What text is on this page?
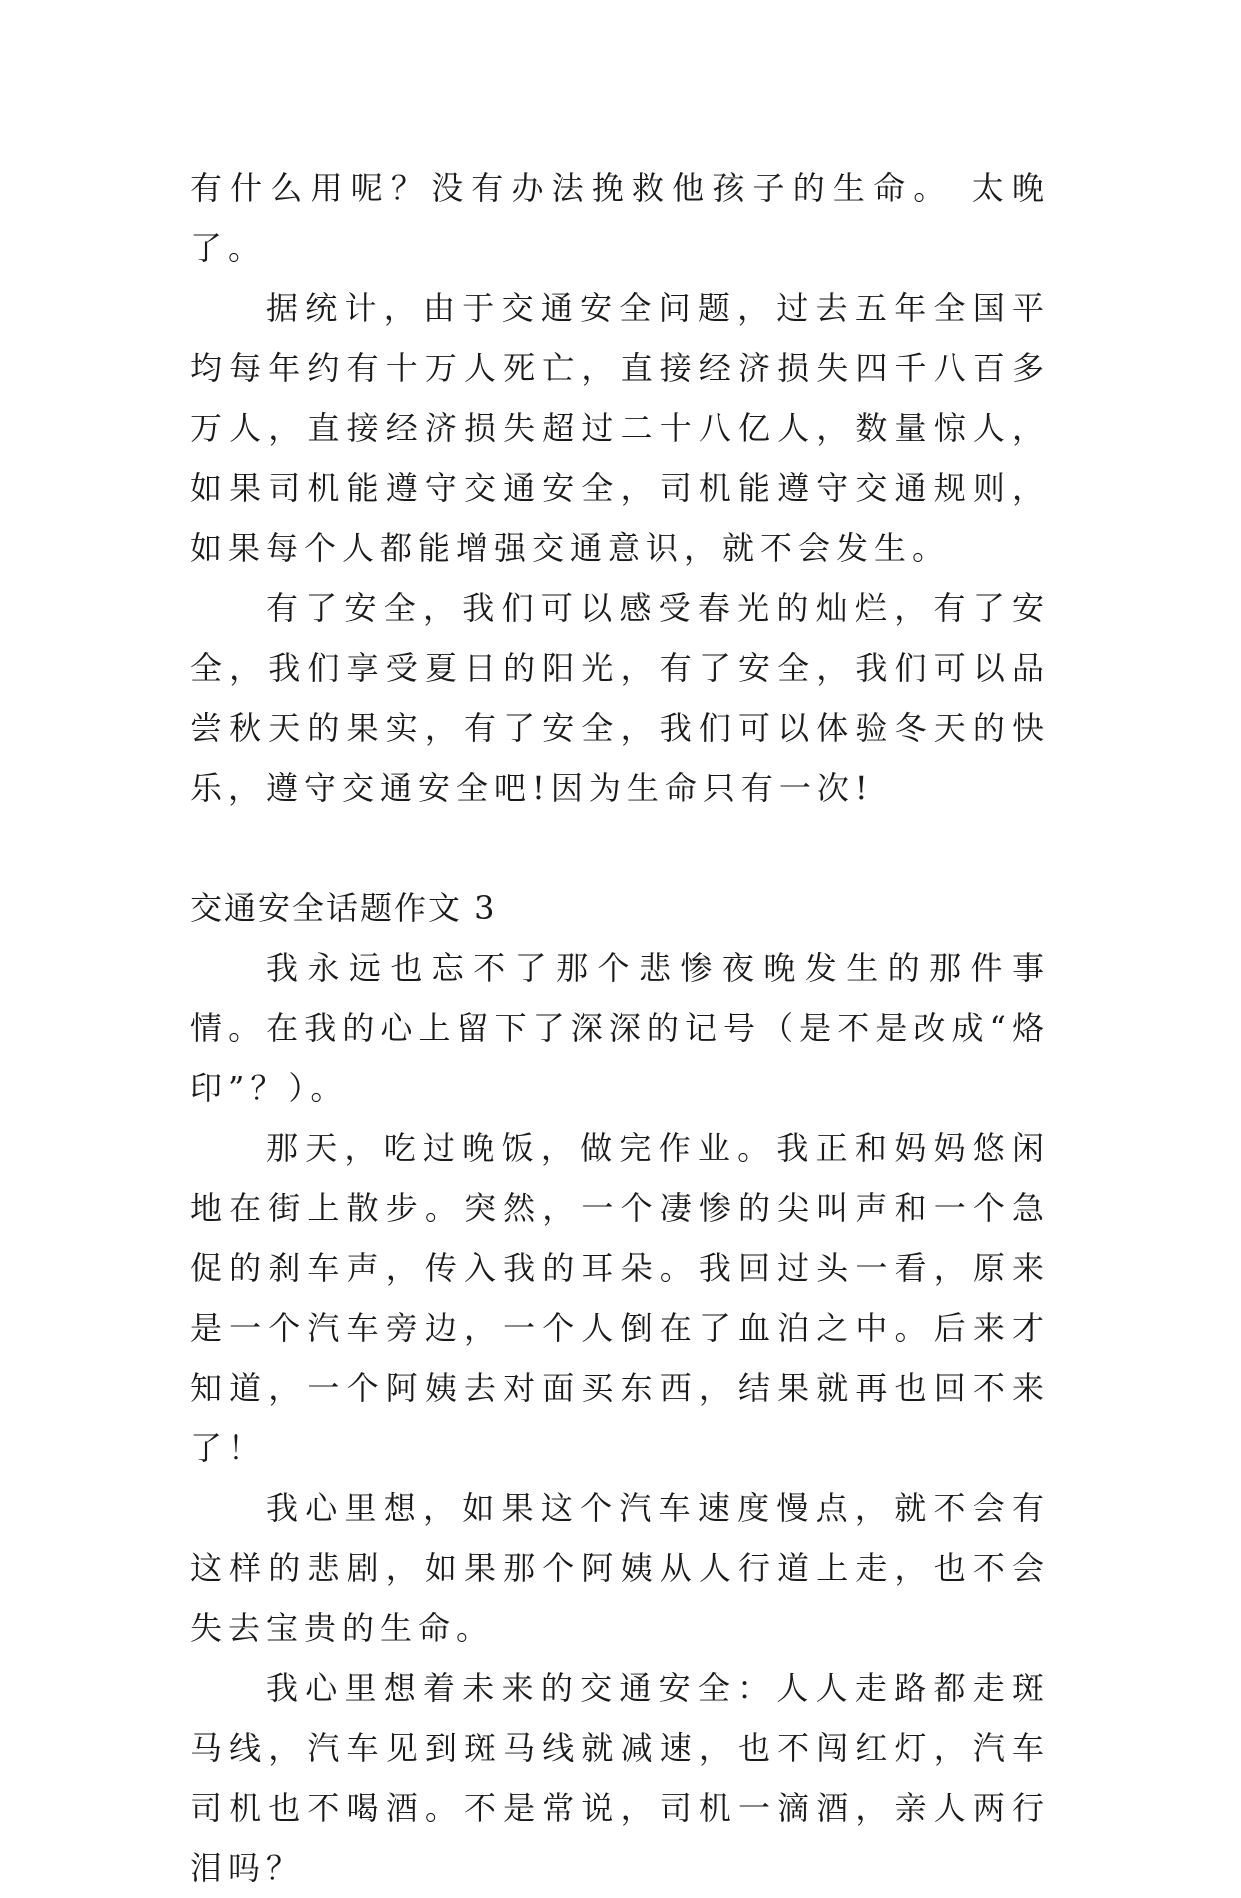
有什么用呢？没有办法挽救他孩子的生命。 太晚了。

据统计，由于交通安全问题，过去五年全国平均每年约有十万人死亡，直接经济损失四千八百多万人，直接经济损失超过二十八亿人，数量惊人，如果司机能遵守交通安全，司机能遵守交通规则，如果每个人都能增强交通意识，就不会发生。

有了安全，我们可以感受春光的灿烂，有了安全，我们享受夏日的阳光，有了安全，我们可以品尝秋天的果实，有了安全，我们可以体验冬天的快乐，遵守交通安全吧!因为生命只有一次!

交通安全话题作文 3

我永远也忘不了那个悲惨夜晚发生的那件事情。在我的心上留下了深深的记号（是不是改成“烙印”？）。

那天，吃过晚饭，做完作业。我正和妈妈悠闲地在街上散步。突然，一个凄惨的尖叫声和一个急促的刹车声，传入我的耳朵。我回过头一看，原来是一个汽车旁边，一个人倒在了血泊之中。后来才知道，一个阿姨去对面买东西，结果就再也回不来了！

我心里想，如果这个汽车速度慢点，就不会有这样的悲剧，如果那个阿姨从人行道上走，也不会失去宝贵的生命。

我心里想着未来的交通安全：人人走路都走斑马线，汽车见到斑马线就减速，也不闯红灯，汽车司机也不喝酒。不是常说，司机一滴酒，亲人两行泪吗？
